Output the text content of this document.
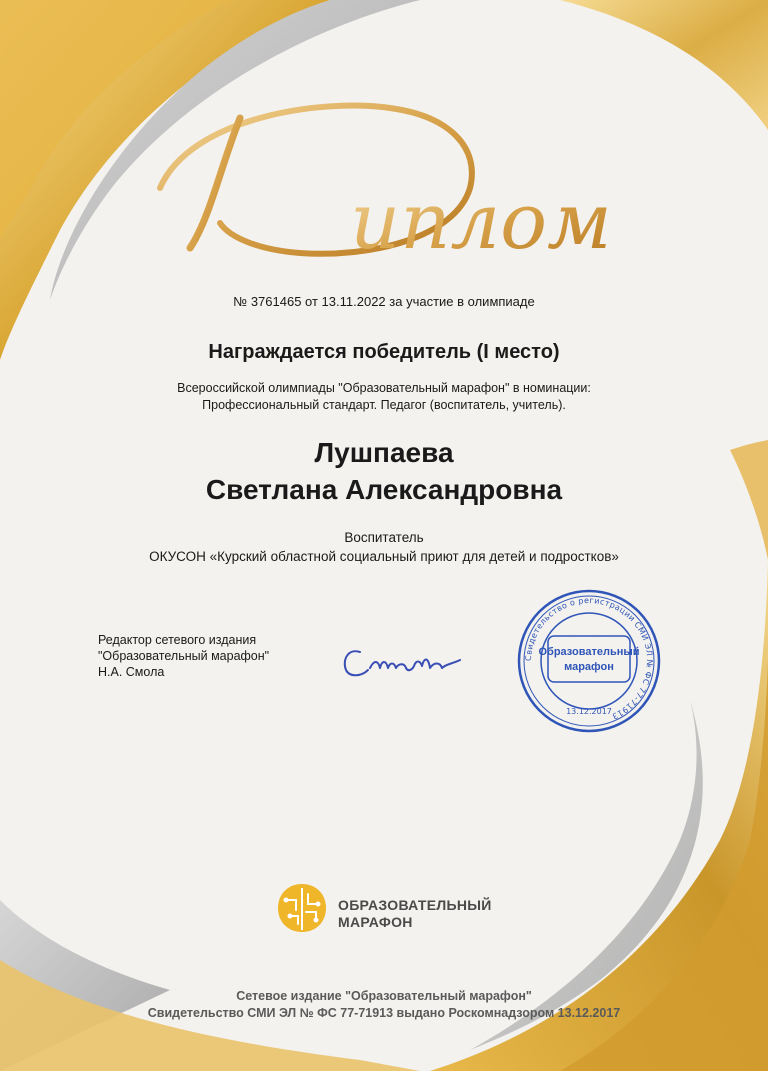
иплом
№ 3761465 от 13.11.2022 за участие в олимпиаде
Награждается победитель (I место)
Всероссийской олимпиады "Образовательный марафон" в номинации:
Профессиональный стандарт. Педагог (воспитатель, учитель).
Лушпаева
Светлана Александровна
Воспитатель
ОКУСОН «Курский областной социальный приют для детей и подростков»
Редактор сетевого издания
"Образовательный марафон"
Н.А. Смола
Свидетельство о регистрации СМИ ЭЛ № ФС 77-71913
Образовательный
марафон
13.12.2017
ОБРАЗОВАТЕЛЬНЫЙ
МАРАФОН
Сетевое издание "Образовательный марафон"
Свидетельство СМИ ЭЛ № ФС 77-71913 выдано Роскомнадзором 13.12.2017
